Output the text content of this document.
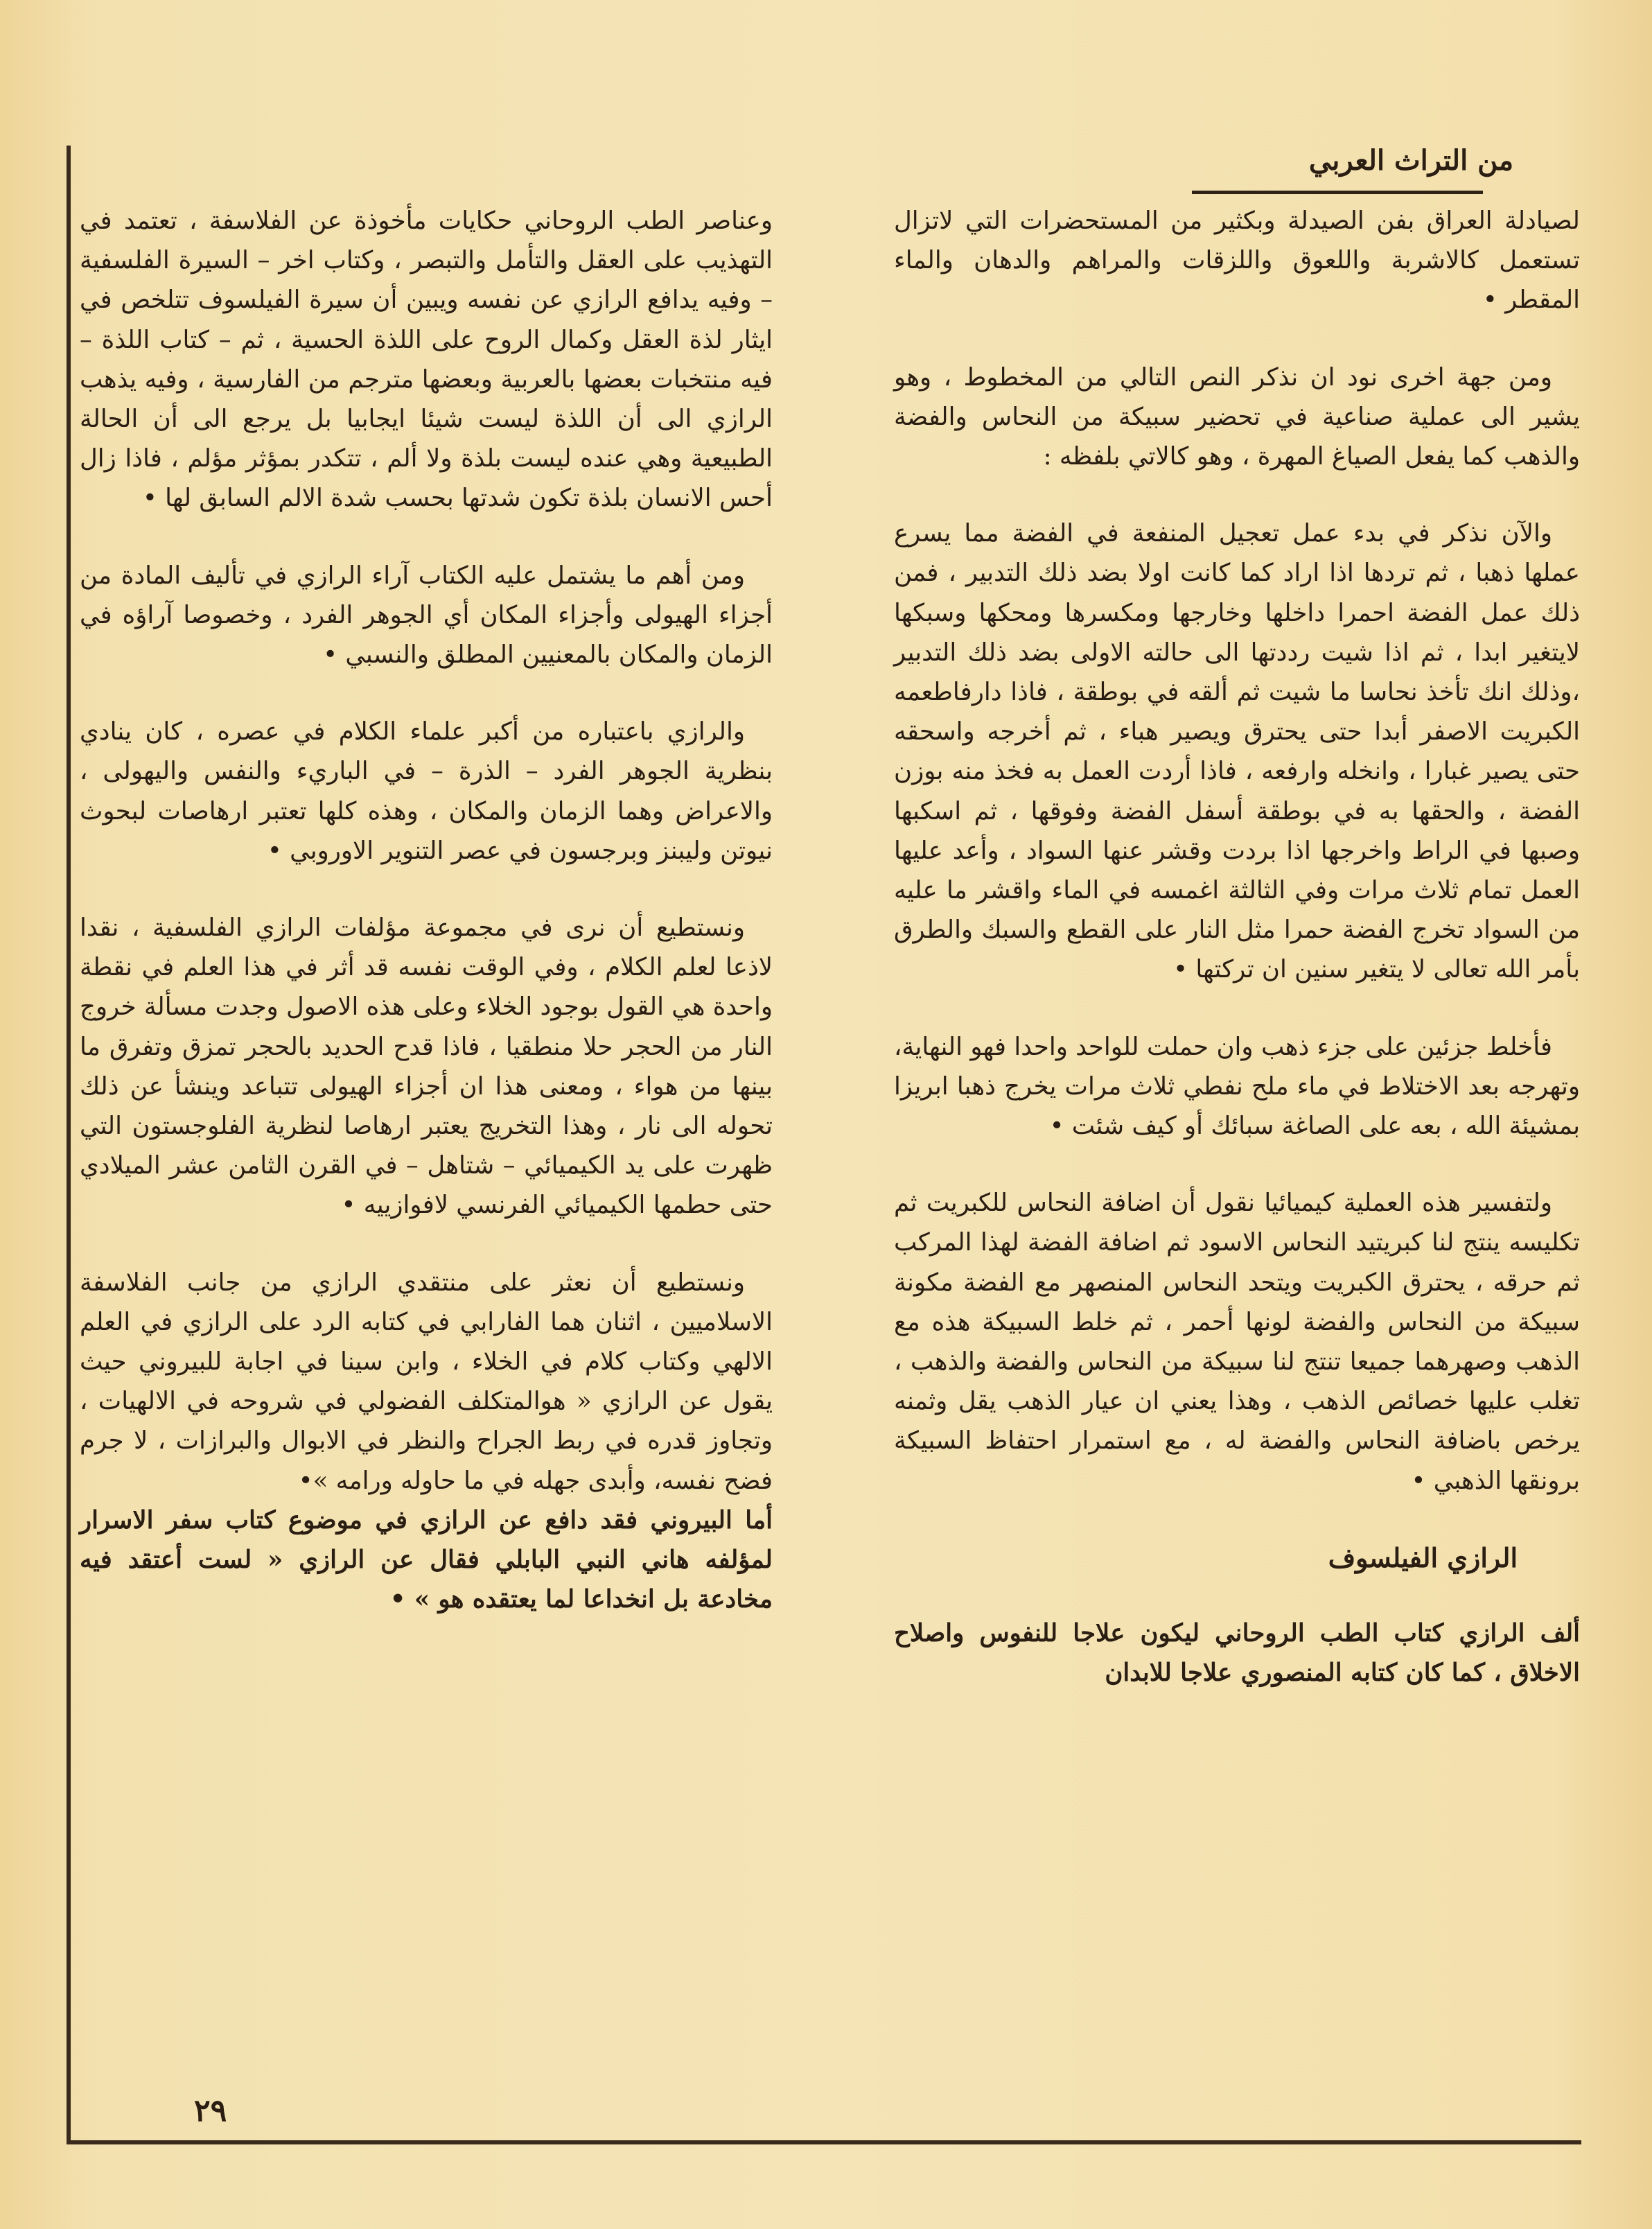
من التراث العربي

لصيادلة العراق بفن الصيدلة وبكثير من المستحضرات التي لاتزال تستعمل كالاشربة واللعوق واللزقات والمراهم والدهان والماء المقطر •

ومن جهة اخرى نود ان نذكر النص التالي من المخطوط ، وهو يشير الى عملية صناعية في تحضير سبيكة من النحاس والفضة والذهب كما يفعل الصياغ المهرة ، وهو كالاتي بلفظه :

والآن نذكر في بدء عمل تعجيل المنفعة في الفضة مما يسرع عملها ذهبا ، ثم تردها اذا اراد كما كانت اولا بضد ذلك التدبير ، فمن ذلك عمل الفضة احمرا داخلها وخارجها ومكسرها ومحكها وسبكها لايتغير ابدا ، ثم اذا شيت رددتها الى حالته الاولى بضد ذلك التدبير ،وذلك انك تأخذ نحاسا ما شيت ثم ألقه في بوطقة ، فاذا دارفاطعمه الكبريت الاصفر أبدا حتى يحترق ويصير هباء ، ثم أخرجه واسحقه حتى يصير غبارا ، وانخله وارفعه ، فاذا أردت العمل به فخذ منه بوزن الفضة ، والحقها به في بوطقة أسفل الفضة وفوقها ، ثم اسكبها وصبها في الراط واخرجها اذا بردت وقشر عنها السواد ، وأعد عليها العمل تمام ثلاث مرات وفي الثالثة اغمسه في الماء واقشر ما عليه من السواد تخرج الفضة حمرا مثل النار على القطع والسبك والطرق بأمر الله تعالى لا يتغير سنين ان تركتها •

فأخلط جزئين على جزء ذهب وان حملت للواحد واحدا فهو النهاية، وتهرجه بعد الاختلاط في ماء ملح نفطي ثلاث مرات يخرج ذهبا ابريزا بمشيئة الله ، بعه على الصاغة سبائك أو كيف شئت •

ولتفسير هذه العملية كيميائيا نقول أن اضافة النحاس للكبريت ثم تكليسه ينتج لنا كبريتيد النحاس الاسود ثم اضافة الفضة لهذا المركب ثم حرقه ، يحترق الكبريت ويتحد النحاس المنصهر مع الفضة مكونة سبيكة من النحاس والفضة لونها أحمر ، ثم خلط السبيكة هذه مع الذهب وصهرهما جميعا تنتج لنا سبيكة من النحاس والفضة والذهب ، تغلب عليها خصائص الذهب ، وهذا يعني ان عيار الذهب يقل وثمنه يرخص باضافة النحاس والفضة له ، مع استمرار احتفاظ السبيكة برونقها الذهبي •

الرازي الفيلسوف

ألف الرازي كتاب الطب الروحاني ليكون علاجا للنفوس واصلاح الاخلاق ، كما كان كتابه المنصوري علاجا للابدان

وعناصر الطب الروحاني حكايات مأخوذة عن الفلاسفة ، تعتمد في التهذيب على العقل والتأمل والتبصر ، وكتاب اخر – السيرة الفلسفية – وفيه يدافع الرازي عن نفسه ويبين أن سيرة الفيلسوف تتلخص في ايثار لذة العقل وكمال الروح على اللذة الحسية ، ثم – كتاب اللذة – فيه منتخبات بعضها بالعربية وبعضها مترجم من الفارسية ، وفيه يذهب الرازي الى أن اللذة ليست شيئا ايجابيا بل يرجع الى أن الحالة الطبيعية وهي عنده ليست بلذة ولا ألم ، تتكدر بمؤثر مؤلم ، فاذا زال أحس الانسان بلذة تكون شدتها بحسب شدة الالم السابق لها •

ومن أهم ما يشتمل عليه الكتاب آراء الرازي في تأليف المادة من أجزاء الهيولى وأجزاء المكان أي الجوهر الفرد ، وخصوصا آراؤه في الزمان والمكان بالمعنيين المطلق والنسبي •

والرازي باعتباره من أكبر علماء الكلام في عصره ، كان ينادي بنظرية الجوهر الفرد – الذرة – في الباريء والنفس واليهولى ، والاعراض وهما الزمان والمكان ، وهذه كلها تعتبر ارهاصات لبحوث نيوتن وليبنز وبرجسون في عصر التنوير الاوروبي •

ونستطيع أن نرى في مجموعة مؤلفات الرازي الفلسفية ، نقدا لاذعا لعلم الكلام ، وفي الوقت نفسه قد أثر في هذا العلم في نقطة واحدة هي القول بوجود الخلاء وعلى هذه الاصول وجدت مسألة خروج النار من الحجر حلا منطقيا ، فاذا قدح الحديد بالحجر تمزق وتفرق ما بينها من هواء ، ومعنى هذا ان أجزاء الهيولى تتباعد وينشأ عن ذلك تحوله الى نار ، وهذا التخريج يعتبر ارهاصا لنظرية الفلوجستون التي ظهرت على يد الكيميائي – شتاهل – في القرن الثامن عشر الميلادي حتى حطمها الكيميائي الفرنسي لافوازييه •

ونستطيع أن نعثر على منتقدي الرازي من جانب الفلاسفة الاسلاميين ، اثنان هما الفارابي في كتابه الرد على الرازي في العلم الالهي وكتاب كلام في الخلاء ، وابن سينا في اجابة للبيروني حيث يقول عن الرازي « هوالمتكلف الفضولي في شروحه في الالهيات ، وتجاوز قدره في ربط الجراح والنظر في الابوال والبرازات ، لا جرم فضح نفسه، وأبدى جهله في ما حاوله ورامه »•

أما البيروني فقد دافع عن الرازي في موضوع كتاب سفر الاسرار لمؤلفه هاني النبي البابلي فقال عن الرازي « لست أعتقد فيه مخادعة بل انخداعا لما يعتقده هو » •

٢٩
